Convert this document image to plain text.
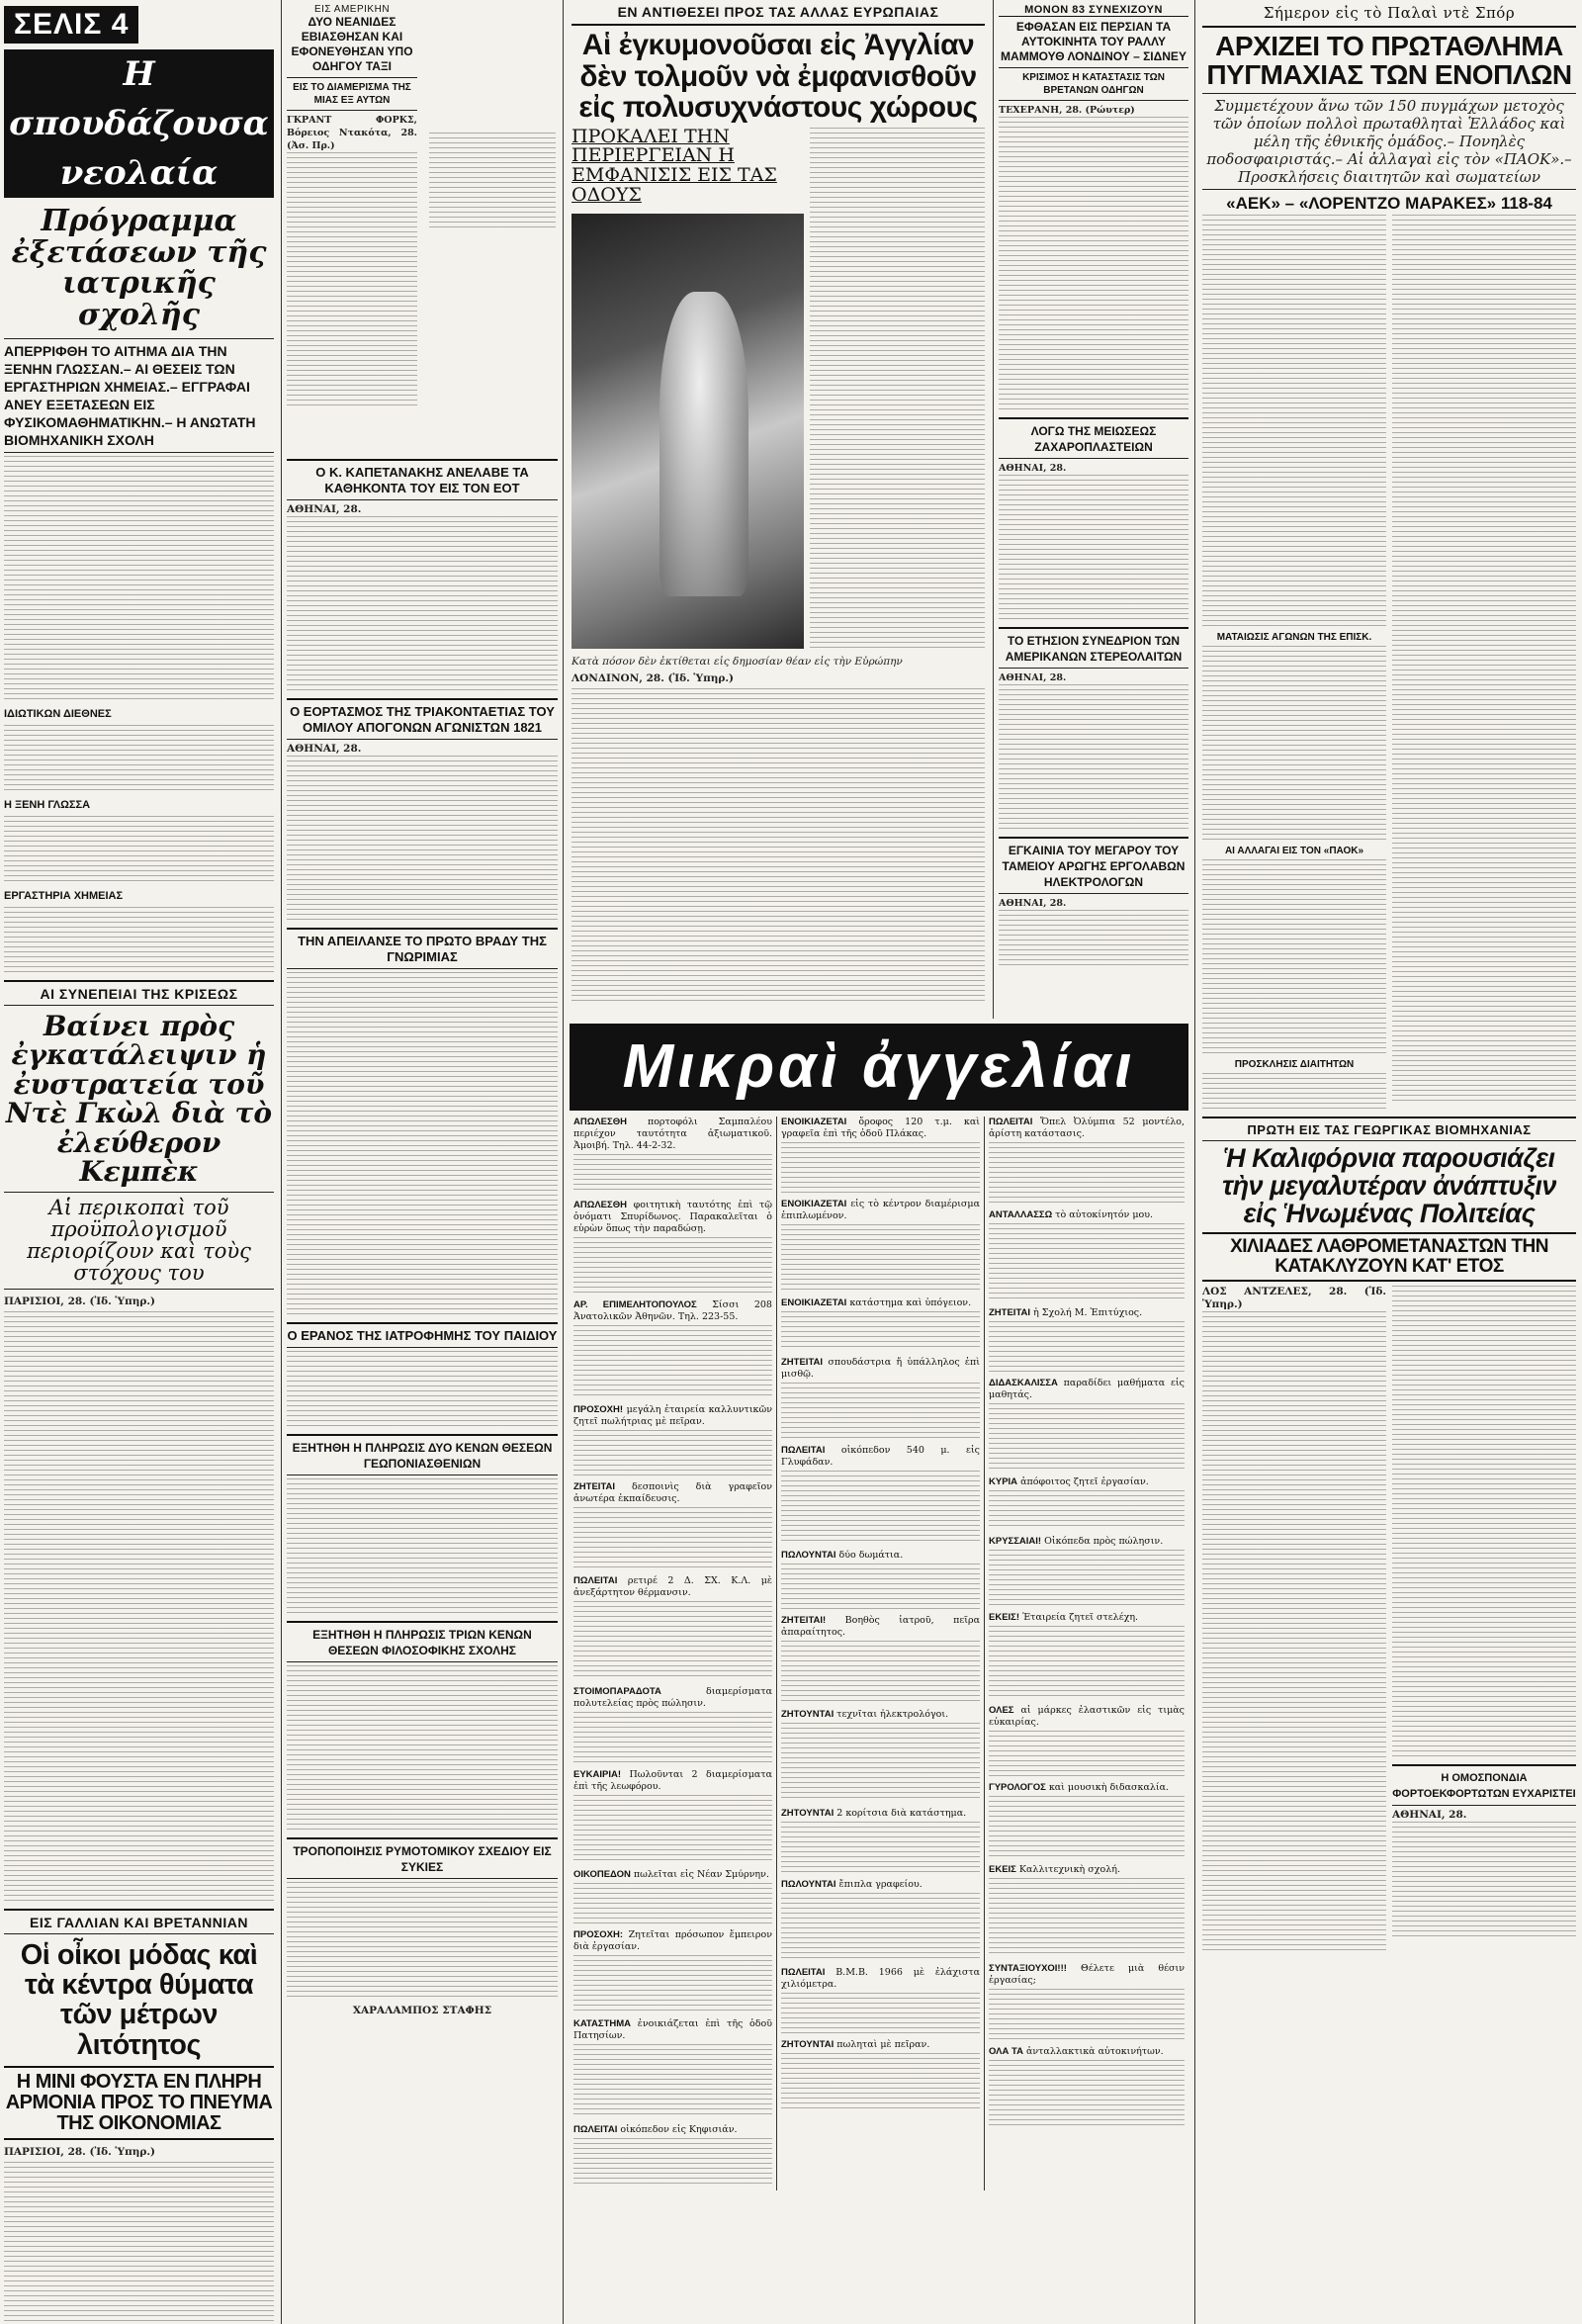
ΣΕΛΙΣ 4
Η σπουδάζουσα νεολαία
Πρόγραμμα ἐξετάσεων τῆς ιατρικῆς σχολῆς
ΑΠΕΡΡΙΦΘΗ ΤΟ ΑΙΤΗΜΑ ΔΙΑ ΤΗΝ ΞΕΝΗΝ ΓΛΩΣΣΑΝ.– ΑΙ ΘΕΣΕΙΣ ΤΩΝ ΕΡΓΑΣΤΗΡΙΩΝ ΧΗΜΕΙΑΣ.– ΕΓΓΡΑΦΑΙ ΑΝΕΥ ΕΞΕΤΑΣΕΩΝ ΕΙΣ ΦΥΣΙΚΟΜΑΘΗΜΑΤΙΚΗΝ.– Η ΑΝΩΤΑΤΗ ΒΙΟΜΗΧΑΝΙΚΗ ΣΧΟΛΗ
ΙΔΙΩΤΙΚΩΝ ΔΙΕΘΝΕΣ
Η ΞΕΝΗ ΓΛΩΣΣΑ
ΕΡΓΑΣΤΗΡΙΑ ΧΗΜΕΙΑΣ
ΑΙ ΣΥΝΕΠΕΙΑΙ ΤΗΣ ΚΡΙΣΕΩΣ
Βαίνει πρὸς ἐγκατάλειψιν ἡ ἐυστρατεία τοῦ Ντὲ Γκὼλ διὰ τὸ ἐλεύθερον Κεμπὲκ
Αἱ περικοπαὶ τοῦ προϋπολογισμοῦ περιορίζουν καὶ τοὺς στόχους του
ΠΑΡΙΣΙΟΙ, 28. (Ἰδ. Ὑπηρ.)
ΕΙΣ ΓΑΛΛΙΑΝ ΚΑΙ ΒΡΕΤΑΝΝΙΑΝ
Οἱ οἶκοι μόδας καὶ τὰ κέντρα θύματα τῶν μέτρων λιτότητος
Η ΜΙΝΙ ΦΟΥΣΤΑ ΕΝ ΠΛΗΡΗ ΑΡΜΟΝΙΑ ΠΡΟΣ ΤΟ ΠΝΕΥΜΑ ΤΗΣ ΟΙΚΟΝΟΜΙΑΣ
ΠΑΡΙΣΙΟΙ, 28. (Ἰδ. Ὑπηρ.)
ΕΙΣ ΑΜΕΡΙΚΗΝ
ΔΥΟ ΝΕΑΝΙΔΕΣ ΕΒΙΑΣΘΗΣΑΝ ΚΑΙ ΕΦΟΝΕΥΘΗΣΑΝ ΥΠΟ ΟΔΗΓΟΥ ΤΑΞΙ
ΕΙΣ ΤΟ ΔΙΑΜΕΡΙΣΜΑ ΤΗΣ ΜΙΑΣ ΕΞ ΑΥΤΩΝ
ΓΚΡΑΝΤ ΦΟΡΚΣ, Βόρειος Ντακότα, 28. (Ἀσ. Πρ.)
Ο Κ. ΚΑΠΕΤΑΝΑΚΗΣ ΑΝΕΛΑΒΕ ΤΑ ΚΑΘΗΚΟΝΤΑ ΤΟΥ ΕΙΣ ΤΟΝ ΕΟΤ
ΑΘΗΝΑΙ, 28.
Ο ΕΟΡΤΑΣΜΟΣ ΤΗΣ ΤΡΙΑΚΟΝΤΑΕΤΙΑΣ ΤΟΥ ΟΜΙΛΟΥ ΑΠΟΓΟΝΩΝ ΑΓΩΝΙΣΤΩΝ 1821
ΑΘΗΝΑΙ, 28.
ΤΗΝ ΑΠΕΙΛΑΝΣΕ ΤΟ ΠΡΩΤΟ ΒΡΑΔΥ ΤΗΣ ΓΝΩΡΙΜΙΑΣ
Ο ΕΡΑΝΟΣ ΤΗΣ ΙΑΤΡΟΦΗΜΗΣ ΤΟΥ ΠΑΙΔΙΟΥ
ΕΞΗΤΗΘΗ Η ΠΛΗΡΩΣΙΣ ΔΥΟ ΚΕΝΩΝ ΘΕΣΕΩΝ ΓΕΩΠΟΝΙΑΣΘΕΝΙΩΝ
ΕΞΗΤΗΘΗ Η ΠΛΗΡΩΣΙΣ ΤΡΙΩΝ ΚΕΝΩΝ ΘΕΣΕΩΝ ΦΙΛΟΣΟΦΙΚΗΣ ΣΧΟΛΗΣ
ΤΡΟΠΟΠΟΙΗΣΙΣ ΡΥΜΟΤΟΜΙΚΟΥ ΣΧΕΔΙΟΥ ΕΙΣ ΣΥΚΙΕΣ
ΧΑΡΑΛΑΜΠΟΣ ΣΤΑΦΗΣ
ΕΝ ΑΝΤΙΘΕΣΕΙ ΠΡΟΣ ΤΑΣ ΑΛΛΑΣ ΕΥΡΩΠΑΙΑΣ
Αἱ ἐγκυμονοῦσαι εἰς Ἀγγλίαν δὲν τολμοῦν νὰ ἐμφανισθοῦν εἰς πολυσυχνάστους χώρους
ΠΡΟΚΑΛΕΙ ΤΗΝ ΠΕΡΙΕΡΓΕΙΑΝ Η ΕΜΦΑΝΙΣΙΣ ΕΙΣ ΤΑΣ ΟΔΟΥΣ
Κατὰ πόσον δὲν ἐκτίθεται εἰς δημοσίαν θέαν εἰς τὴν Εὐρώπην
ΛΟΝΔΙΝΟΝ, 28. (Ἰδ. Ὑπηρ.)
ΜΟΝΟΝ 83 ΣΥΝΕΧΙΖΟΥΝ
ΕΦΘΑΣΑΝ ΕΙΣ ΠΕΡΣΙΑΝ ΤΑ ΑΥΤΟΚΙΝΗΤΑ ΤΟΥ ΡΑΛΛΥ ΜΑΜΜΟΥΘ ΛΟΝΔΙΝΟΥ – ΣΙΔΝΕΥ
ΚΡΙΣΙΜΟΣ Η ΚΑΤΑΣΤΑΣΙΣ ΤΩΝ ΒΡΕΤΑΝΩΝ ΟΔΗΓΩΝ
ΤΕΧΕΡΑΝΗ, 28. (Ρώυτερ)
ΛΟΓΩ ΤΗΣ ΜΕΙΩΣΕΩΣ ΖΑΧΑΡΟΠΛΑΣΤΕΙΩΝ
ΑΘΗΝΑΙ, 28.
ΤΟ ΕΤΗΣΙΟΝ ΣΥΝΕΔΡΙΟΝ ΤΩΝ ΑΜΕΡΙΚΑΝΩΝ ΣΤΕΡΕΟΛΑΙΤΩΝ
ΑΘΗΝΑΙ, 28.
ΕΓΚΑΙΝΙΑ ΤΟΥ ΜΕΓΑΡΟΥ ΤΟΥ ΤΑΜΕΙΟΥ ΑΡΩΓΗΣ ΕΡΓΟΛΑΒΩΝ ΗΛΕΚΤΡΟΛΟΓΩΝ
ΑΘΗΝΑΙ, 28.
Μικραὶ ἀγγελίαι
ΑΠΩΛΕΣΘΗ πορτοφόλι Σαμπαλέου περιέχον ταυτότητα ἀξιωματικοῦ. Ἀμοιβή. Τηλ. 44-2-32.
ΑΠΩΛΕΣΘΗ φοιτητικὴ ταυτότης ἐπὶ τῷ ὀνόματι Σπυρίδωνος. Παρακαλεῖται ὁ εὑρὼν ὅπως τὴν παραδώσῃ.
ΑΡ. ΕΠΙΜΕΛΗΤΟΠΟΥΛΟΣ Σίσσι 208 Ἀνατολικῶν Ἀθηνῶν. Τηλ. 223-55.
ΠΡΟΣΟΧΗ! μεγάλη ἐταιρεία καλλυντικῶν ζητεῖ πωλήτριας μὲ πεῖραν.
ΖΗΤΕΙΤΑΙ δεσποινὶς διὰ γραφεῖον ἀνωτέρα ἐκπαίδευσις.
ΠΩΛΕΙΤΑΙ ρετιρέ 2 Δ. ΣΧ. Κ.Λ. μὲ ἀνεξάρτητον θέρμανσιν.
ΣΤΟΙΜΟΠΑΡΑΔΟΤΑ	διαμερίσματα πολυτελείας πρὸς πώλησιν.
ΕΥΚΑΙΡΙΑ! Πωλοῦνται 2 διαμερίσματα ἐπὶ τῆς λεωφόρου.
ΟΙΚΟΠΕΔΟΝ πωλεῖται εἰς Νέαν Σμύρνην.
ΠΡΟΣΟΧΗ: Ζητεῖται πρόσωπον ἔμπειρον διὰ ἐργασίαν.
ΚΑΤΑΣΤΗΜΑ ἐνοικιάζεται ἐπὶ τῆς ὁδοῦ Πατησίων.
ΠΩΛΕΙΤΑΙ οἰκόπεδον εἰς Κηφισιάν.
ΕΝΟΙΚΙΑΖΕΤΑΙ ὄροφος 120 τ.μ. καὶ γραφεῖα ἐπὶ τῆς ὁδοῦ Πλάκας.
ΕΝΟΙΚΙΑΖΕΤΑΙ εἰς τὸ κέντρον διαμέρισμα ἐπιπλωμένον.
ΕΝΟΙΚΙΑΖΕΤΑΙ κατάστημα καὶ ὑπόγειον.
ΖΗΤΕΙΤΑΙ σπουδάστρια ἤ ὑπάλληλος ἐπὶ μισθῷ.
ΠΩΛΕΙΤΑΙ οἰκόπεδον 540 μ. εἰς Γλυφάδαν.
ΠΩΛΟΥΝΤΑΙ δύο δωμάτια.
ΖΗΤΕΙΤΑΙ! Βοηθὸς ἰατροῦ, πεῖρα ἀπαραίτητος.
ΖΗΤΟΥΝΤΑΙ τεχνῖται ἠλεκτρολόγοι.
ΖΗΤΟΥΝΤΑΙ 2 κορίτσια διὰ κατάστημα.
ΠΩΛΟΥΝΤΑΙ ἔπιπλα γραφείου.
ΠΩΛΕΙΤΑΙ Β.Μ.Β. 1966 μὲ ἐλάχιστα χιλιόμετρα.
ΖΗΤΟΥΝΤΑΙ πωληταὶ μὲ πεῖραν.
ΠΩΛΕΙΤΑΙ Ὄπελ Ὀλύμπια 52 μοντέλο, ἀρίστη κατάστασις.
ΑΝΤΑΛΛΑΣΣΩ τὸ αὐτοκίνητόν μου.
ΖΗΤΕΙΤΑΙ ἡ Σχολή Μ. Ἐπιτύχιος.
ΔΙΔΑΣΚΑΛΙΣΣΑ παραδίδει μαθήματα εἰς μαθητάς.
ΚΥΡΙΑ ἀπόφοιτος ζητεῖ ἐργασίαν.
ΚΡΥΣΣΑΙΑΙ! Οἰκόπεδα πρὸς πώλησιν.
ΕΚΕΙΣ! Ἐταιρεία ζητεῖ στελέχη.
ΟΛΕΣ αἱ μάρκες ἐλαστικῶν εἰς τιμὰς εὐκαιρίας.
ΓΥΡΟΛΟΓΟΣ καὶ μουσικὴ διδασκαλία.
ΕΚΕΙΣ Καλλιτεχνικὴ σχολή.
ΣΥΝΤΑΞΙΟΥΧΟΙ!!! Θέλετε μιὰ θέσιν ἐργασίας;
ΟΛΑ ΤΑ ἀνταλλακτικὰ αὐτοκινήτων.
Σήμερον εἰς τὸ Παλαὶ ντὲ Σπόρ
ΑΡΧΙΖΕΙ ΤΟ ΠΡΩΤΑΘΛΗΜΑ ΠΥΓΜΑΧΙΑΣ ΤΩΝ ΕΝΟΠΛΩΝ
Συμμετέχουν ἄνω τῶν 150 πυγμάχων μετοχὸς τῶν ὁποίων πολλοὶ πρωταθληταὶ Ἑλλάδος καὶ μέλη τῆς ἐθνικῆς ὁμάδος.– Πονηλὲς ποδοσφαιριστάς.– Αἱ ἀλλαγαὶ εἰς τὸν «ΠΑΟΚ».– Προσκλήσεις διαιτητῶν καὶ σωματείων
«ΑΕΚ» – «ΛΟΡΕΝΤΖΟ ΜΑΡΑΚΕΣ» 118-84
ΜΑΤΑΙΩΣΙΣ ΑΓΩΝΩΝ ΤΗΣ ΕΠΙΣΚ.
ΑΙ ΑΛΛΑΓΑΙ ΕΙΣ ΤΟΝ «ΠΑΟΚ»
ΠΡΟΣΚΛΗΣΙΣ ΔΙΑΙΤΗΤΩΝ
ΠΡΩΤΗ ΕΙΣ ΤΑΣ ΓΕΩΡΓΙΚΑΣ ΒΙΟΜΗΧΑΝΙΑΣ
Ἡ Καλιφόρνια παρουσιάζει τὴν μεγαλυτέραν ἀνάπτυξιν εἰς Ἡνωμένας Πολιτείας
ΧΙΛΙΑΔΕΣ ΛΑΘΡΟΜΕΤΑΝΑΣΤΩΝ ΤΗΝ ΚΑΤΑΚΛΥΖΟΥΝ ΚΑΤ' ΕΤΟΣ
ΛΟΣ ΑΝΤΖΕΛΕΣ, 28. (Ἰδ. Ὑπηρ.)
Η ΟΜΟΣΠΟΝΔΙΑ ΦΟΡΤΟΕΚΦΟΡΤΩΤΩΝ ΕΥΧΑΡΙΣΤΕΙ
ΑΘΗΝΑΙ, 28.
